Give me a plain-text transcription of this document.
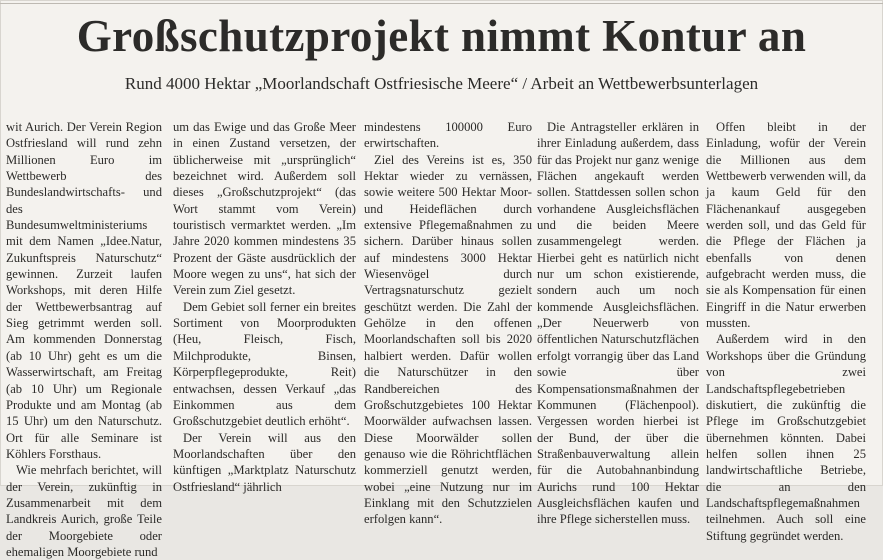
Großschutzprojekt nimmt Kontur an
Rund 4000 Hektar „Moorlandschaft Ostfriesische Meere“ / Arbeit an Wettbewerbsunterlagen

wit Aurich. Der Verein Region Ostfriesland will rund zehn Millionen Euro im Wettbewerb des Bundeslandwirtschafts- und des Bundesumweltministeriums mit dem Namen „Idee.Natur, Zukunftspreis Naturschutz“ gewinnen. Zurzeit laufen Workshops, mit deren Hilfe der Wettbewerbsantrag auf Sieg getrimmt werden soll. Am kommenden Donnerstag (ab 10 Uhr) geht es um die Wasserwirtschaft, am Freitag (ab 10 Uhr) um Regionale Produkte und am Montag (ab 15 Uhr) um den Naturschutz. Ort für alle Seminare ist Köhlers Forsthaus.

Wie mehrfach berichtet, will der Verein, zukünftig in Zusammenarbeit mit dem Landkreis Aurich, große Teile der Moorgebiete oder ehemaligen Moorgebiete rund

um das Ewige und das Große Meer in einen Zustand versetzen, der üblicherweise mit „ursprünglich“ bezeichnet wird. Außerdem soll dieses „Großschutzprojekt“ (das Wort stammt vom Verein) touristisch vermarktet werden. „Im Jahre 2020 kommen mindestens 35 Prozent der Gäste ausdrücklich der Moore wegen zu uns“, hat sich der Verein zum Ziel gesetzt.

Dem Gebiet soll ferner ein breites Sortiment von Moorprodukten (Heu, Fleisch, Fisch, Milchprodukte, Binsen, Körperpflegeprodukte, Reit) entwachsen, dessen Verkauf „das Einkommen aus dem Großschutzgebiet deutlich erhöht“.

Der Verein will aus den Moorlandschaften über den künftigen „Marktplatz Naturschutz Ostfriesland“ jährlich

mindestens 100000 Euro erwirtschaften.

Ziel des Vereins ist es, 350 Hektar wieder zu vernässen, sowie weitere 500 Hektar Moor- und Heideflächen durch extensive Pflegemaßnahmen zu sichern. Darüber hinaus sollen auf mindestens 3000 Hektar Wiesenvögel durch Vertragsnaturschutz gezielt geschützt werden. Die Zahl der Gehölze in den offenen Moorlandschaften soll bis 2020 halbiert werden. Dafür wollen die Naturschützer in den Randbereichen des Großschutzgebietes 100 Hektar Moorwälder aufwachsen lassen. Diese Moorwälder sollen genauso wie die Röhrichtflächen kommerziell genutzt werden, wobei „eine Nutzung nur im Einklang mit den Schutzzielen erfolgen kann“.

Die Antragsteller erklären in ihrer Einladung außerdem, dass für das Projekt nur ganz wenige Flächen angekauft werden sollen. Stattdessen sollen schon vorhandene Ausgleichsflächen und die beiden Meere zusammengelegt werden. Hierbei geht es natürlich nicht nur um schon existierende, sondern auch um noch kommende Ausgleichsflächen. „Der Neuerwerb von öffentlichen Naturschutzflächen erfolgt vorrangig über das Land sowie über Kompensationsmaßnahmen der Kommunen (Flächenpool). Vergessen worden hierbei ist der Bund, der über die Straßenbauverwaltung allein für die Autobahnanbindung Aurichs rund 100 Hektar Ausgleichsflächen kaufen und ihre Pflege sicherstellen muss.

Offen bleibt in der Einladung, wofür der Verein die Millionen aus dem Wettbewerb verwenden will, da ja kaum Geld für den Flächenankauf ausgegeben werden soll, und das Geld für die Pflege der Flächen ja ebenfalls von denen aufgebracht werden muss, die sie als Kompensation für einen Eingriff in die Natur erwerben mussten.

Außerdem wird in den Workshops über die Gründung von zwei Landschaftspflegebetrieben diskutiert, die zukünftig die Pflege im Großschutzgebiet übernehmen könnten. Dabei helfen sollen ihnen 25 landwirtschaftliche Betriebe, die an den Landschaftspflegemaßnahmen teilnehmen. Auch soll eine Stiftung gegründet werden.
